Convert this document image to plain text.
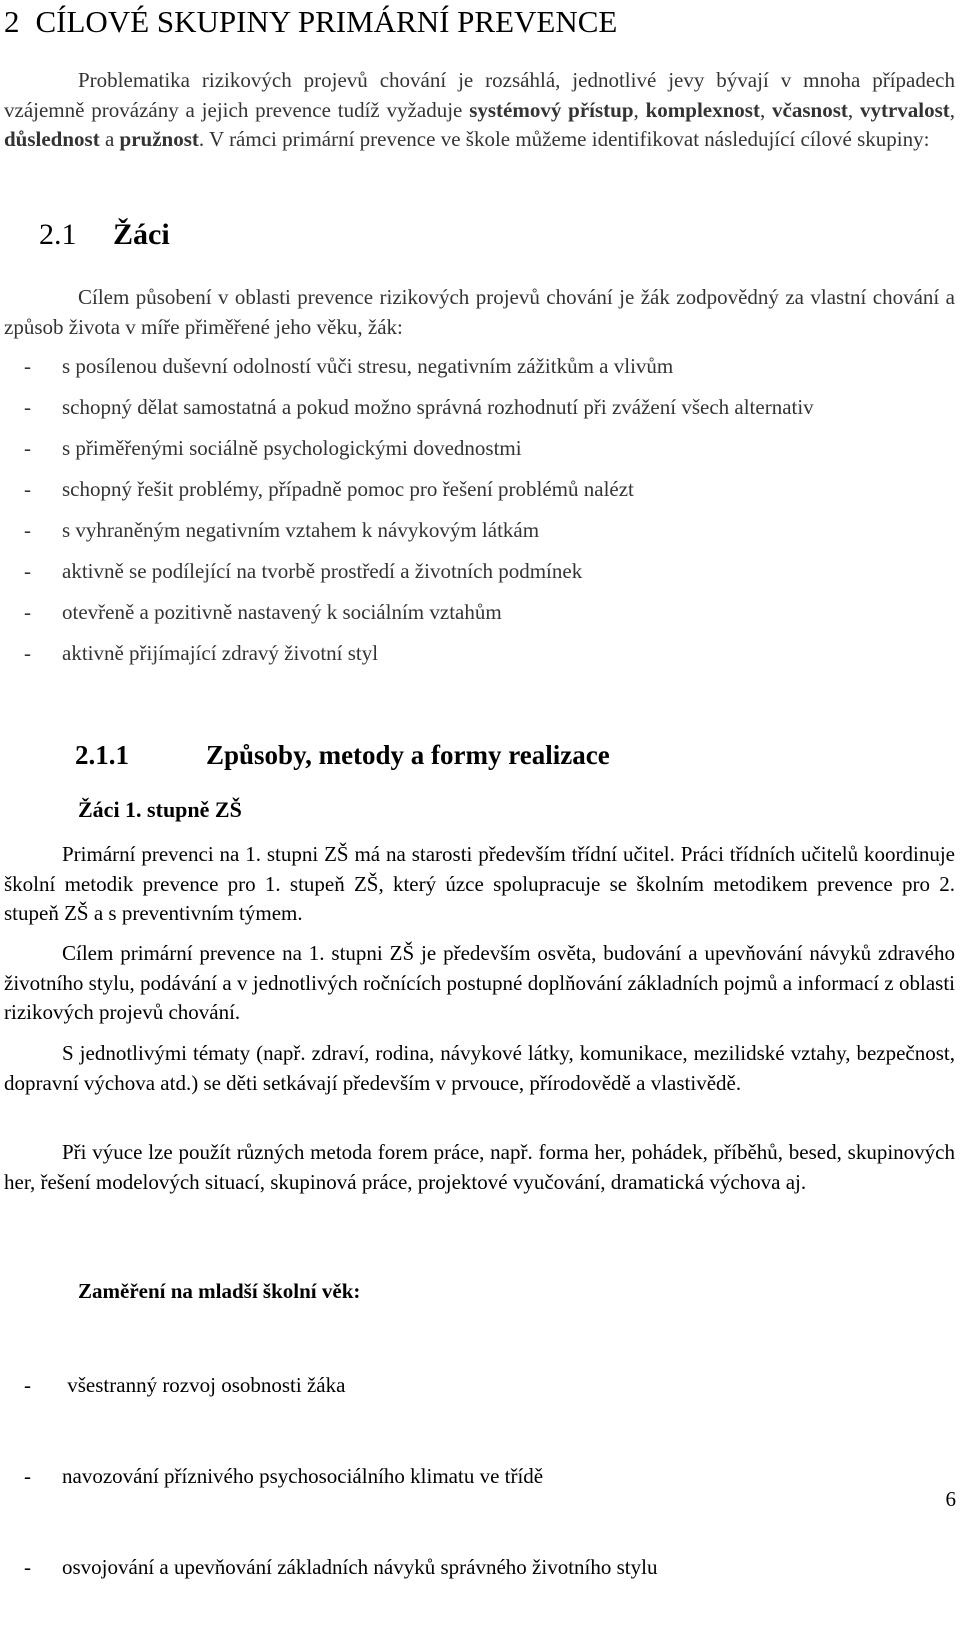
2 CÍLOVÉ SKUPINY PRIMÁRNÍ PREVENCE

Problematika rizikových projevů chování je rozsáhlá, jednotlivé jevy bývají v mnoha případech vzájemně provázány a jejich prevence tudíž vyžaduje systémový přístup, komplexnost, včasnost, vytrvalost, důslednost a pružnost. V rámci primární prevence ve škole můžeme identifikovat následující cílové skupiny:

2.1 Žáci

Cílem působení v oblasti prevence rizikových projevů chování je žák zodpovědný za vlastní chování a způsob života v míře přiměřené jeho věku, žák:

- s posílenou duševní odolností vůči stresu, negativním zážitkům a vlivům
- schopný dělat samostatná a pokud možno správná rozhodnutí při zvážení všech alternativ
- s přiměřenými sociálně psychologickými dovednostmi
- schopný řešit problémy, případně pomoc pro řešení problémů nalézt
- s vyhraněným negativním vztahem k návykovým látkám
- aktivně se podílející na tvorbě prostředí a životních podmínek
- otevřeně a pozitivně nastavený k sociálním vztahům
- aktivně přijímající zdravý životní styl
2.1.1	Způsoby, metody a formy realizace
Žáci 1. stupně ZŠ

Primární prevenci na 1. stupni ZŠ má na starosti především třídní učitel. Práci třídních učitelů koordinuje školní metodik prevence pro 1. stupeň ZŠ, který úzce spolupracuje se školním metodikem prevence pro 2. stupeň ZŠ a s preventivním týmem.

Cílem primární prevence na 1. stupni ZŠ je především osvěta, budování a upevňování návyků zdravého životního stylu, podávání a v jednotlivých ročnících postupné doplňování základních pojmů a informací z oblasti rizikových projevů chování.

S jednotlivými tématy (např. zdraví, rodina, návykové látky, komunikace, mezilidské vztahy, bezpečnost, dopravní výchova atd.) se děti setkávají především v prvouce, přírodovědě a vlastivědě.

Při výuce lze použít různých metoda forem práce, např. forma her, pohádek, příběhů, besed, skupinových her, řešení modelových situací, skupinová práce, projektové vyučování, dramatická výchova aj.

Zaměření na mladší školní věk:

- všestranný rozvoj osobnosti žáka

- navozování příznivého psychosociálního klimatu ve třídě

- osvojování a upevňování základních návyků správného životního stylu

6
